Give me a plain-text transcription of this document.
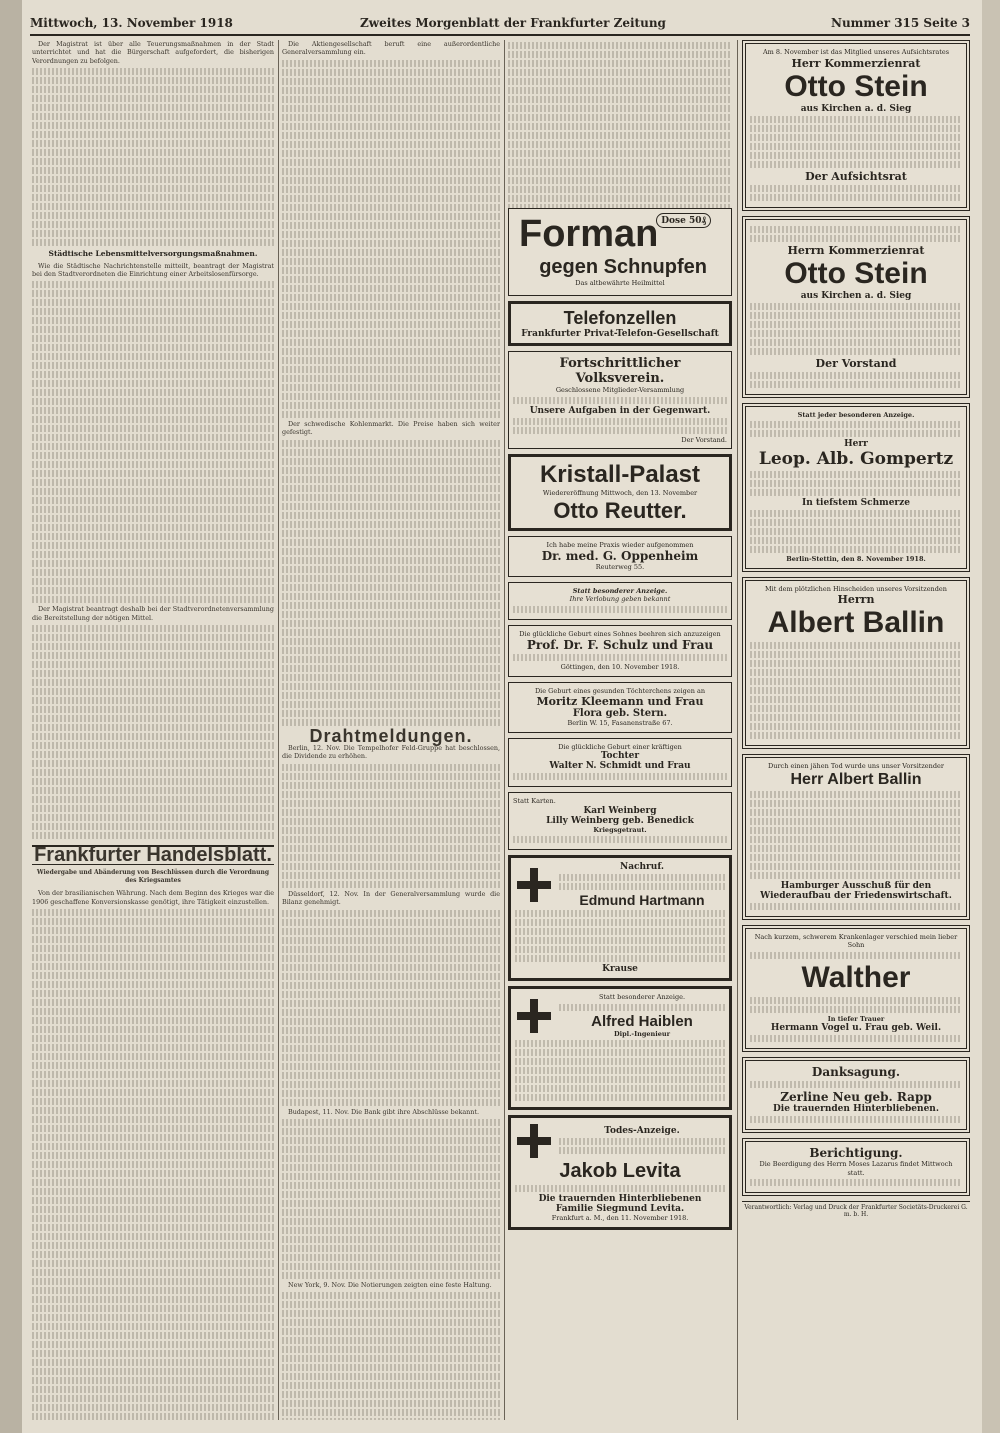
Mittwoch, 13. November 1918	Zweites Morgenblatt der Frankfurter Zeitung	Nummer 315 Seite 3

Der Magistrat ist über alle Teuerungsmaßnahmen in der Stadt unterrichtet und hat die Bürgerschaft aufgefordert, die bisherigen Verordnungen zu befolgen.

Städtische Lebensmittelversorgungsmaßnahmen.

Wie die Städtische Nachrichtenstelle mitteilt, beantragt der Magistrat bei den Stadtverordneten die Einrichtung einer Arbeitslosenfürsorge.

Der Magistrat beantragt deshalb bei der Stadtverordnetenversammlung die Bereitstellung der nötigen Mittel.

Frankfurter Handelsblatt.
Wiedergabe und Abänderung von Beschlüssen durch die Verordnung des Kriegsamtes

Von der brasilianischen Währung. Nach dem Beginn des Krieges war die 1906 geschaffene Konversionskasse genötigt, ihre Tätigkeit einzustellen.

Die Aktiengesellschaft beruft eine außerordentliche Generalversammlung ein.

Der schwedische Kohlenmarkt. Die Preise haben sich weiter gefestigt.

Drahtmeldungen.

Berlin, 12. Nov. Die Tempelhofer Feld-Gruppe hat beschlossen, die Dividende zu erhöhen.

Düsseldorf, 12. Nov. In der Generalversammlung wurde die Bilanz genehmigt.

Budapest, 11. Nov. Die Bank gibt ihre Abschlüsse bekannt.

New York, 9. Nov. Die Notierungen zeigten eine feste Haltung.

Forman
gegen Schnupfen
Dose 50₰
Das altbewährte Heilmittel
Telefonzellen
Frankfurter Privat-Telefon-Gesellschaft
Fortschrittlicher Volksverein.
Geschlossene Mitglieder-Versammlung
Unsere Aufgaben in der Gegenwart.
Der Vorstand.
Kristall-Palast
Wiedereröffnung Mittwoch, den 13. November
Otto Reutter.
Ich habe meine Praxis wieder aufgenommen
Dr. med. G. Oppenheim
Reuterweg 55.
Statt besonderer Anzeige.
Ihre Verlobung geben bekannt
Die glückliche Geburt eines Sohnes beehren sich anzuzeigen
Prof. Dr. F. Schulz und Frau
Göttingen, den 10. November 1918.
Die Geburt eines gesunden Töchterchens zeigen an
Moritz Kleemann und Frau
Flora geb. Stern.
Berlin W. 15, Fasanenstraße 67.
Die glückliche Geburt einer kräftigen
Tochter
Walter N. Schmidt und Frau
Statt Karten.
Karl Weinberg
Lilly Weinberg geb. Benedick
Kriegsgetraut.
Nachruf.
Edmund Hartmann
Krause
Statt besonderer Anzeige.
Alfred Haiblen
Dipl.-Ingenieur
Todes-Anzeige.
Jakob Levita
Die trauernden Hinterbliebenen
Familie Siegmund Levita.
Frankfurt a. M., den 11. November 1918.
Am 8. November ist das Mitglied unseres Aufsichtsrates
Herr Kommerzienrat
Otto Stein
aus Kirchen a. d. Sieg
Der Aufsichtsrat
Herrn Kommerzienrat
Otto Stein
aus Kirchen a. d. Sieg
Der Vorstand
Statt jeder besonderen Anzeige.
Herr
Leop. Alb. Gompertz
In tiefstem Schmerze
Berlin-Stettin, den 8. November 1918.
Mit dem plötzlichen Hinscheiden unseres Vorsitzenden
Herrn
Albert Ballin
Durch einen jähen Tod wurde uns unser Vorsitzender
Herr Albert Ballin
Hamburger Ausschuß für den Wiederaufbau der Friedenswirtschaft.
Nach kurzem, schwerem Krankenlager verschied mein lieber Sohn
Walther
In tiefer Trauer
Hermann Vogel u. Frau geb. Weil.
Danksagung.
Zerline Neu geb. Rapp
Die trauernden Hinterbliebenen.
Berichtigung.
Die Beerdigung des Herrn Moses Lazarus findet Mittwoch statt.
Verantwortlich: Verlag und Druck der Frankfurter Societäts-Druckerei G. m. b. H.
